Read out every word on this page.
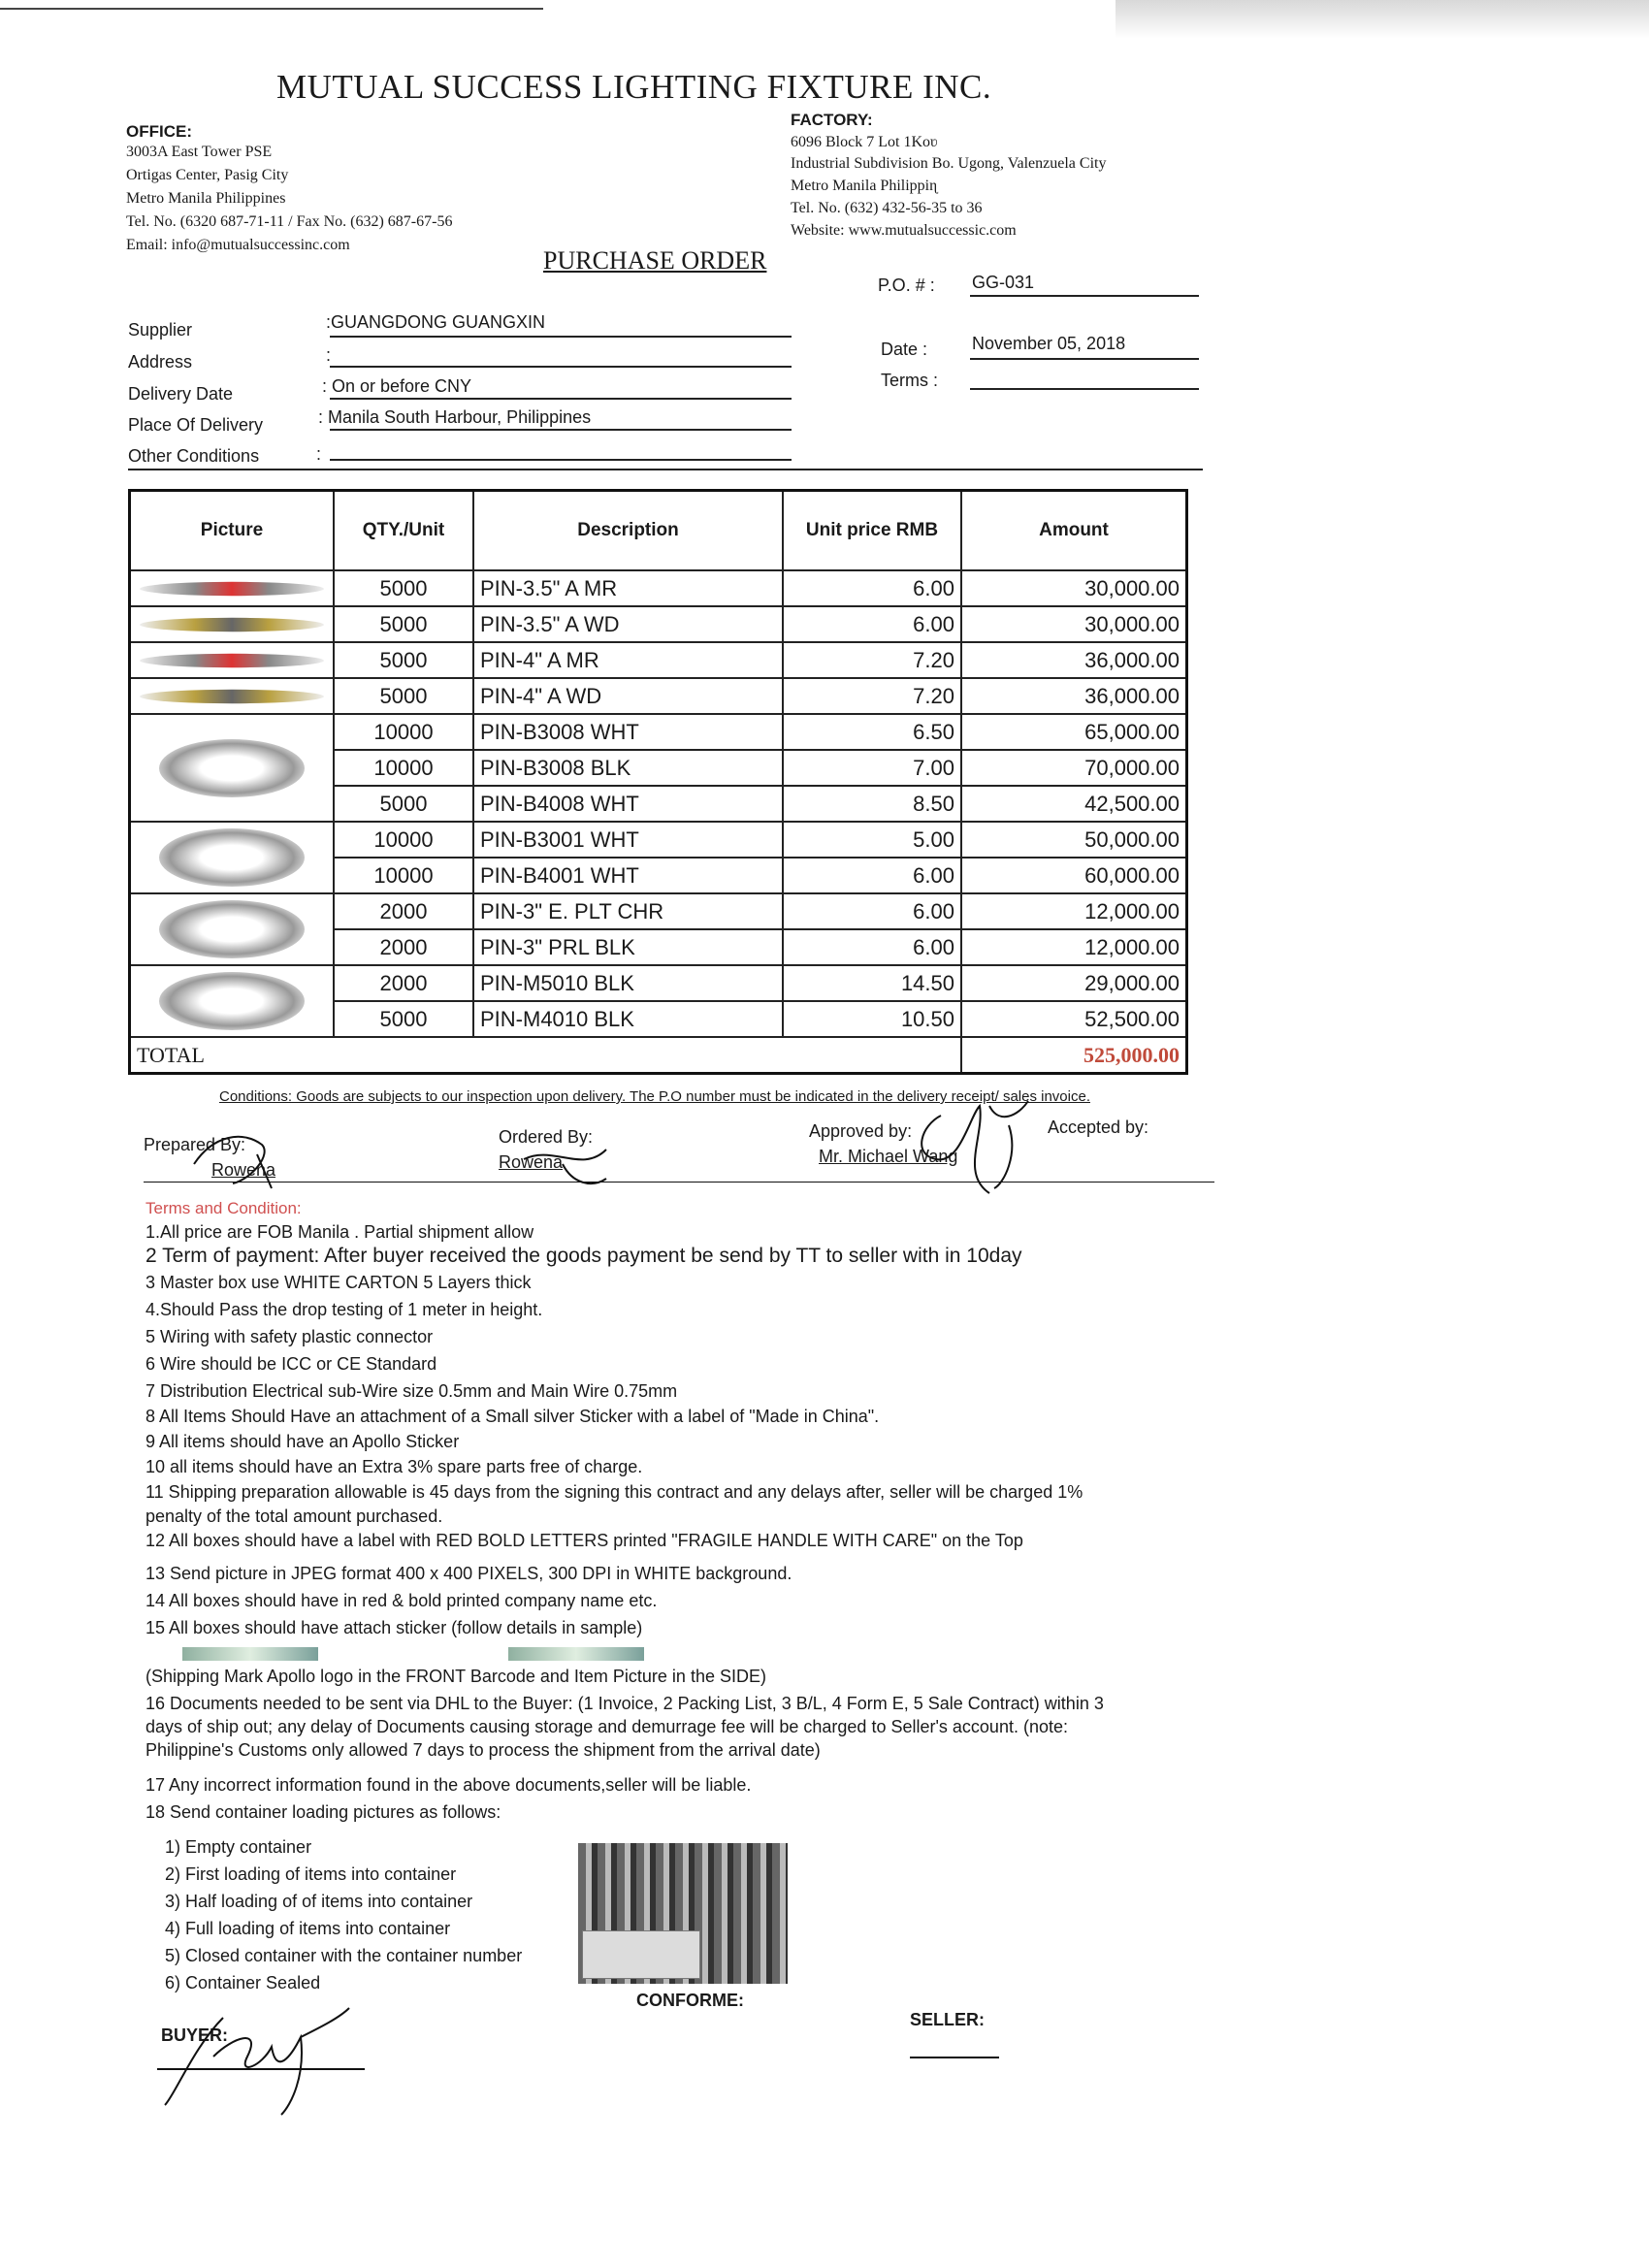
MUTUAL SUCCESS LIGHTING FIXTURE INC.
OFFICE:
3003A East Tower PSE
Ortigas Center, Pasig City
Metro Manila Philippines
Tel. No. (6320 687-71-11 / Fax No. (632) 687-67-56
Email: info@mutualsuccessinc.com
FACTORY:
6096 Block 7 Lot 1Koʋ
Industrial Subdivision Bo. Ugong, Valenzuela City
Metro Manila Philippiɳ
Tel. No. (632) 432-56-35 to 36
Website: www.mutualsuccessic.com
PURCHASE ORDER
Supplier	:GUANGDONG GUANGXIN
Address	:
Delivery Date	: On or before CNY
Place Of Delivery	: Manila South Harbour, Philippines
Other Conditions	:
P.O. # : GG-031
Date :	November 05, 2018
Terms :
Picture	QTY./Unit	Description	Unit price RMB	Amount

	5000	PIN-3.5" A MR	6.00	30,000.00

	5000	PIN-3.5" A WD	6.00	30,000.00

	5000	PIN-4" A MR	7.20	36,000.00

	5000	PIN-4" A WD	7.20	36,000.00

	10000	PIN-B3008 WHT	6.50	65,000.00
	10000	PIN-B3008 BLK	7.00	70,000.00
	5000	PIN-B4008 WHT	8.50	42,500.00

	10000	PIN-B3001 WHT	5.00	50,000.00
	10000	PIN-B4001 WHT	6.00	60,000.00

	2000	PIN-3" E. PLT CHR	6.00	12,000.00
	2000	PIN-3" PRL BLK	6.00	12,000.00

	2000	PIN-M5010 BLK	14.50	29,000.00
	5000	PIN-M4010 BLK	10.50	52,500.00
TOTAL				525,000.00
Conditions: Goods are subjects to our inspection upon delivery. The P.O number must be indicated in the delivery receipt/ sales invoice.
Prepared By:
Rowena
Ordered By:
Rowena
Approved by:
Mr. Michael Wang
Accepted by:
Terms and Condition:
1.All price are FOB Manila . Partial shipment allow
2 Term of payment: After buyer received the goods payment be send by TT to seller with in 10day
3 Master box use WHITE CARTON 5 Layers thick
4.Should Pass the drop testing of 1 meter in height.
5 Wiring with safety plastic connector
6 Wire should be ICC or CE Standard
7 Distribution Electrical sub-Wire size 0.5mm and Main Wire 0.75mm
8 All Items Should Have an attachment of a Small silver Sticker with a label of "Made in China".
9 All items should have an Apollo Sticker
10 all items should have an Extra 3% spare parts free of charge.
11 Shipping preparation allowable is 45 days from the signing this contract and any delays after, seller will be charged 1%
penalty of the total amount purchased.
12 All boxes should have a label with RED BOLD LETTERS printed "FRAGILE HANDLE WITH CARE" on the Top
13 Send picture in JPEG format 400 x 400 PIXELS, 300 DPI in WHITE background.
14 All boxes should have in red & bold printed company name etc.
15 All boxes should have attach sticker (follow details in sample)
(Shipping Mark Apollo logo in the FRONT Barcode and Item Picture in the SIDE)
16 Documents needed to be sent via DHL to the Buyer: (1 Invoice, 2 Packing List, 3 B/L, 4 Form E, 5 Sale Contract) within 3
days of ship out; any delay of Documents causing storage and demurrage fee will be charged to Seller's account. (note:
Philippine's Customs only allowed 7 days to process the shipment from the arrival date)
17 Any incorrect information found in the above documents,seller will be liable.
18 Send container loading pictures as follows:
1) Empty container
2) First loading of items into container
3) Half loading of of items into container
4) Full loading of items into container
5) Closed container with the container number
6) Container Sealed
BUYER:
CONFORME:
SELLER:
